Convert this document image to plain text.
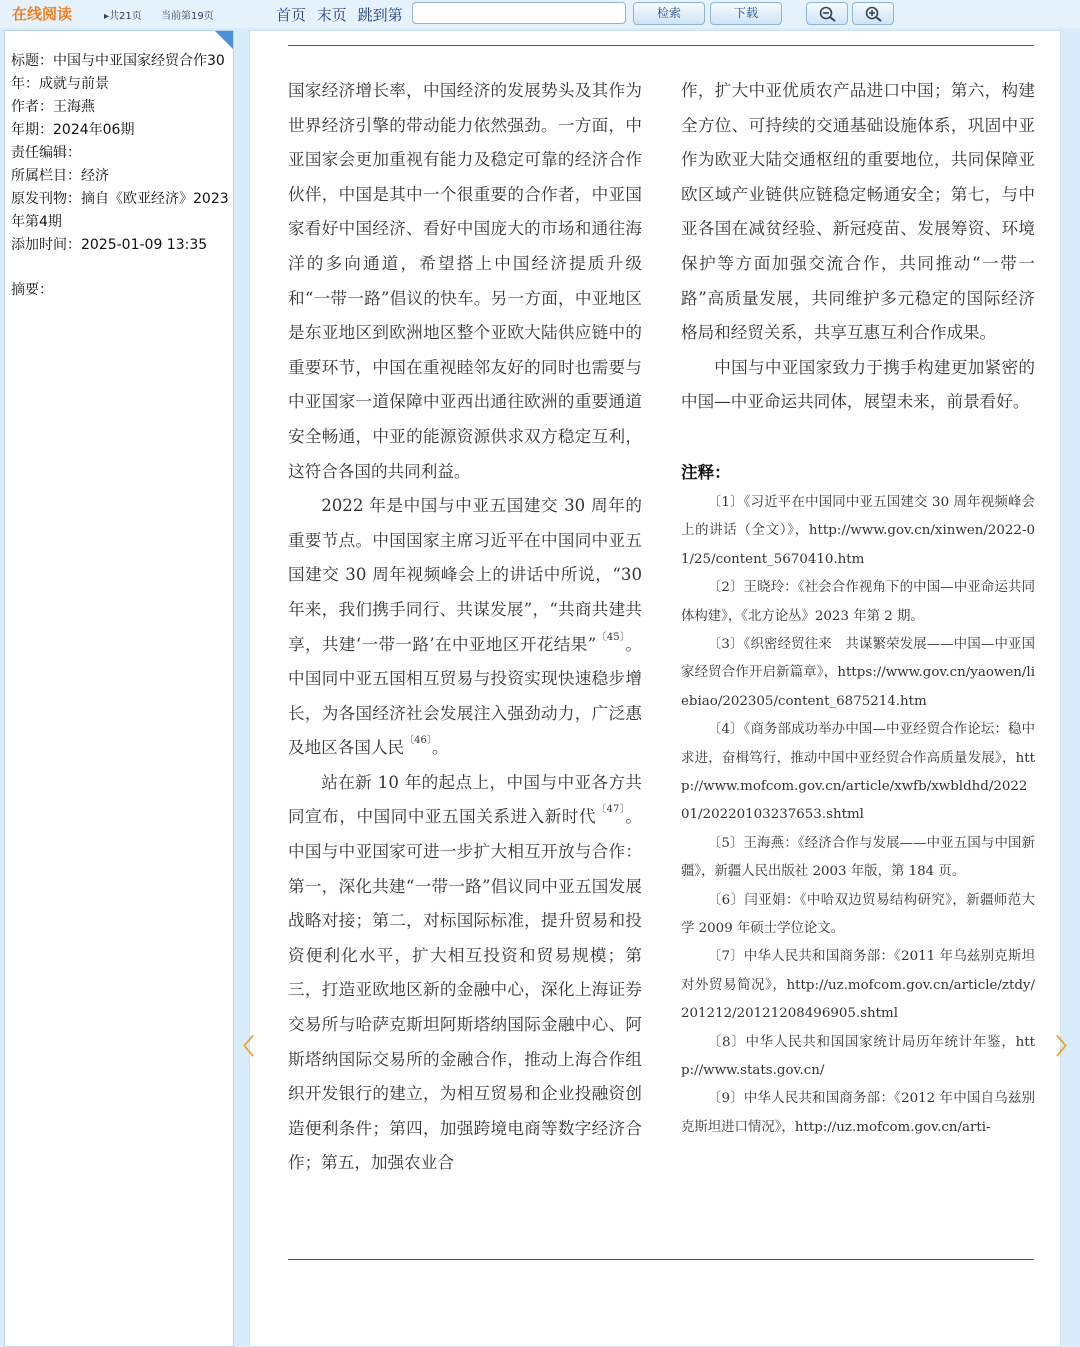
在线阅读	▸共21页 当前第19页	首页 末页 跳到第	检索	下载
标题：中国与中亚国家经贸合作30年：成就与前景
作者：王海燕
年期：2024年06期
责任编辑：
所属栏目：经济
原发刊物：摘自《欧亚经济》2023年第4期
添加时间：2025-01-09 13:35
摘要：

国家经济增长率，中国经济的发展势头及其作为世界经济引擎的带动能力依然强劲。一方面，中亚国家会更加重视有能力及稳定可靠的经济合作伙伴，中国是其中一个很重要的合作者，中亚国家看好中国经济、看好中国庞大的市场和通往海洋的多向通道，希望搭上中国经济提质升级和“一带一路”倡议的快车。另一方面，中亚地区是东亚地区到欧洲地区整个亚欧大陆供应链中的重要环节，中国在重视睦邻友好的同时也需要与中亚国家一道保障中亚西出通往欧洲的重要通道安全畅通，中亚的能源资源供求双方稳定互利，这符合各国的共同利益。

2022 年是中国与中亚五国建交 30 周年的重要节点。中国国家主席习近平在中国同中亚五国建交 30 周年视频峰会上的讲话中所说，“30 年来，我们携手同行、共谋发展”，“共商共建共享，共建‘一带一路’在中亚地区开花结果”$^{〔45〕}$。中国同中亚五国相互贸易与投资实现快速稳步增长，为各国经济社会发展注入强劲动力，广泛惠及地区各国人民$^{〔46〕}$。

站在新 10 年的起点上，中国与中亚各方共同宣布，中国同中亚五国关系进入新时代$^{〔47〕}$。中国与中亚国家可进一步扩大相互开放与合作：第一，深化共建“一带一路”倡议同中亚五国发展战略对接；第二，对标国际标准，提升贸易和投资便利化水平，扩大相互投资和贸易规模；第三，打造亚欧地区新的金融中心，深化上海证券交易所与哈萨克斯坦阿斯塔纳国际金融中心、阿斯塔纳国际交易所的金融合作，推动上海合作组织开发银行的建立，为相互贸易和企业投融资创造便利条件；第四，加强跨境电商等数字经济合作；第五，加强农业合

作，扩大中亚优质农产品进口中国；第六，构建全方位、可持续的交通基础设施体系，巩固中亚作为欧亚大陆交通枢纽的重要地位，共同保障亚欧区域产业链供应链稳定畅通安全；第七，与中亚各国在减贫经验、新冠疫苗、发展筹资、环境保护等方面加强交流合作，共同推动“一带一路”高质量发展，共同维护多元稳定的国际经济格局和经贸关系，共享互惠互利合作成果。

中国与中亚国家致力于携手构建更加紧密的中国—中亚命运共同体，展望未来，前景看好。

注释：

〔1〕《习近平在中国同中亚五国建交 30 周年视频峰会上的讲话（全文）》，http://www.gov.cn/xinwen/2022-01/25/content_5670410.htm

〔2〕王晓玲：《社会合作视角下的中国—中亚命运共同体构建》，《北方论丛》2023 年第 2 期。

〔3〕《织密经贸往来　共谋繁荣发展——中国—中亚国家经贸合作开启新篇章》，https://www.gov.cn/yaowen/liebiao/202305/content_6875214.htm

〔4〕《商务部成功举办中国—中亚经贸合作论坛：稳中求进，奋楫笃行，推动中国中亚经贸合作高质量发展》，http://www.mofcom.gov.cn/article/xwfb/xwbldhd/202201/20220103237653.shtml

〔5〕王海燕：《经济合作与发展——中亚五国与中国新疆》，新疆人民出版社 2003 年版，第 184 页。

〔6〕闫亚娟：《中哈双边贸易结构研究》，新疆师范大学 2009 年硕士学位论文。

〔7〕中华人民共和国商务部：《2011 年乌兹别克斯坦对外贸易简况》，http://uz.mofcom.gov.cn/article/ztdy/201212/20121208496905.shtml

〔8〕中华人民共和国国家统计局历年统计年鉴，http://www.stats.gov.cn/

〔9〕中华人民共和国商务部：《2012 年中国自乌兹别克斯坦进口情况》，http://uz.mofcom.gov.cn/arti-

〈	〉
